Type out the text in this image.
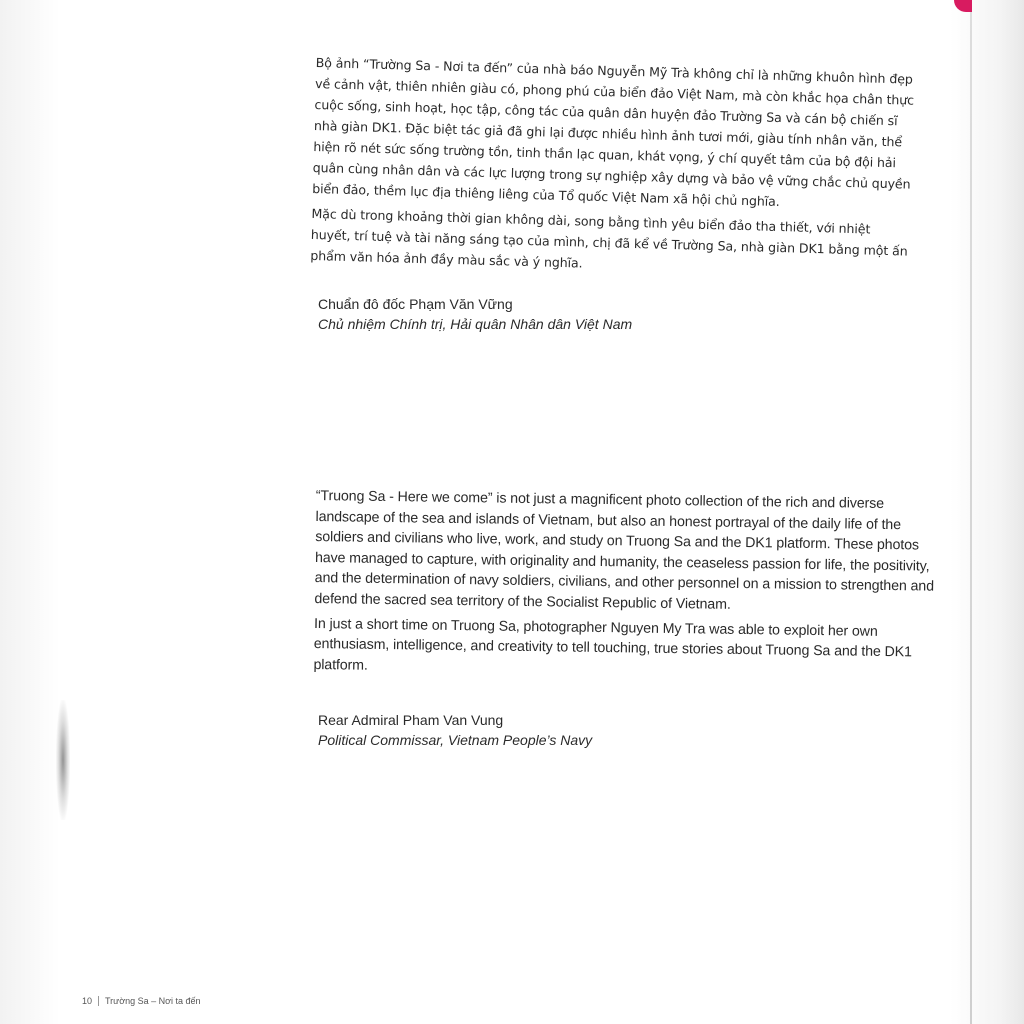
Bộ ảnh “Trường Sa - Nơi ta đến” của nhà báo Nguyễn Mỹ Trà không chỉ là những khuôn hình đẹp về cảnh vật, thiên nhiên giàu có, phong phú của biển đảo Việt Nam, mà còn khắc họa chân thực cuộc sống, sinh hoạt, học tập, công tác của quân dân huyện đảo Trường Sa và cán bộ chiến sĩ nhà giàn DK1. Đặc biệt tác giả đã ghi lại được nhiều hình ảnh tươi mới, giàu tính nhân văn, thể hiện rõ nét sức sống trường tồn, tinh thần lạc quan, khát vọng, ý chí quyết tâm của bộ đội hải quân cùng nhân dân và các lực lượng trong sự nghiệp xây dựng và bảo vệ vững chắc chủ quyền biển đảo, thềm lục địa thiêng liêng của Tổ quốc Việt Nam xã hội chủ nghĩa.

Mặc dù trong khoảng thời gian không dài, song bằng tình yêu biển đảo tha thiết, với nhiệt huyết, trí tuệ và tài năng sáng tạo của mình, chị đã kể về Trường Sa, nhà giàn DK1 bằng một ấn phẩm văn hóa ảnh đầy màu sắc và ý nghĩa.

Chuẩn đô đốc Phạm Văn Vững
Chủ nhiệm Chính trị, Hải quân Nhân dân Việt Nam

“Truong Sa - Here we come” is not just a magnificent photo collection of the rich and diverse landscape of the sea and islands of Vietnam, but also an honest portrayal of the daily life of the soldiers and civilians who live, work, and study on Truong Sa and the DK1 platform. These photos have managed to capture, with originality and humanity, the ceaseless passion for life, the positivity, and the determination of navy soldiers, civilians, and other personnel on a mission to strengthen and defend the sacred sea territory of the Socialist Republic of Vietnam.

In just a short time on Truong Sa, photographer Nguyen My Tra was able to exploit her own enthusiasm, intelligence, and creativity to tell touching, true stories about Truong Sa and the DK1 platform.

Rear Admiral Pham Van Vung
Political Commissar, Vietnam People’s Navy
10 Trường Sa – Nơi ta đến
